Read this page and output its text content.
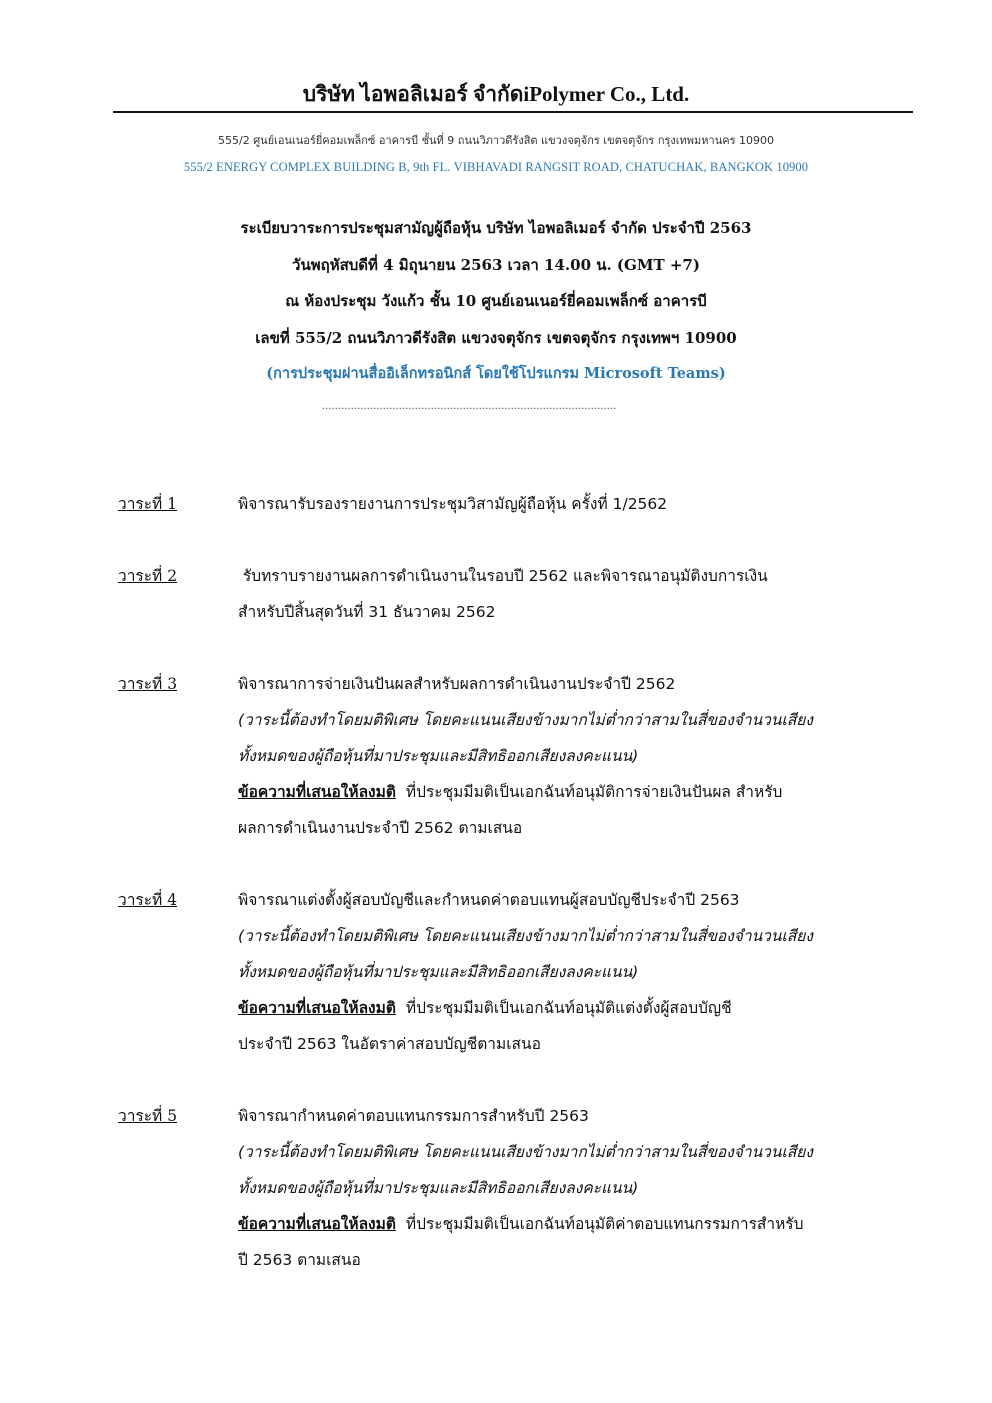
บริษัท ไอพอลิเมอร์ จำกัดiPolymer Co., Ltd.
555/2 ศูนย์เอนเนอร์ยี่คอมเพล็กซ์ อาคารบี ชั้นที่ 9 ถนนวิภาวดีรังสิต แขวงจตุจักร เขตจตุจักร กรุงเทพมหานคร 10900
555/2 ENERGY COMPLEX BUILDING B, 9th FL. VIBHAVADI RANGSIT ROAD, CHATUCHAK, BANGKOK 10900
ระเบียบวาระการประชุมสามัญผู้ถือหุ้น บริษัท ไอพอลิเมอร์ จำกัด ประจำปี 2563
วันพฤหัสบดีที่ 4 มิถุนายน 2563 เวลา 14.00 น. (GMT +7)
ณ ห้องประชุม วังแก้ว ชั้น 10 ศูนย์เอนเนอร์ยี่คอมเพล็กซ์ อาคารบี
เลขที่ 555/2 ถนนวิภาวดีรังสิต แขวงจตุจักร เขตจตุจักร กรุงเทพฯ 10900
(การประชุมผ่านสื่ออิเล็กทรอนิกส์ โดยใช้โปรแกรม Microsoft Teams)
............................................................................................
วาระที่ 1	พิจารณารับรองรายงานการประชุมวิสามัญผู้ถือหุ้น ครั้งที่ 1/2562
วาระที่ 2	รับทราบรายงานผลการดำเนินงานในรอบปี 2562 และพิจารณาอนุมัติงบการเงิน
สำหรับปีสิ้นสุดวันที่ 31 ธันวาคม 2562
วาระที่ 3	พิจารณาการจ่ายเงินปันผลสำหรับผลการดำเนินงานประจำปี 2562
(วาระนี้ต้องทำโดยมติพิเศษ โดยคะแนนเสียงข้างมากไม่ต่ำกว่าสามในสี่ของจำนวนเสียง
ทั้งหมดของผู้ถือหุ้นที่มาประชุมและมีสิทธิออกเสียงลงคะแนน)
ข้อความที่เสนอให้ลงมติ ที่ประชุมมีมติเป็นเอกฉันท์อนุมัติการจ่ายเงินปันผล สำหรับ
ผลการดำเนินงานประจำปี 2562 ตามเสนอ
วาระที่ 4	พิจารณาแต่งตั้งผู้สอบบัญชีและกำหนดค่าตอบแทนผู้สอบบัญชีประจำปี 2563
(วาระนี้ต้องทำโดยมติพิเศษ โดยคะแนนเสียงข้างมากไม่ต่ำกว่าสามในสี่ของจำนวนเสียง
ทั้งหมดของผู้ถือหุ้นที่มาประชุมและมีสิทธิออกเสียงลงคะแนน)
ข้อความที่เสนอให้ลงมติ ที่ประชุมมีมติเป็นเอกฉันท์อนุมัติแต่งตั้งผู้สอบบัญชี
ประจำปี 2563 ในอัตราค่าสอบบัญชีตามเสนอ
วาระที่ 5	พิจารณากำหนดค่าตอบแทนกรรมการสำหรับปี 2563
(วาระนี้ต้องทำโดยมติพิเศษ โดยคะแนนเสียงข้างมากไม่ต่ำกว่าสามในสี่ของจำนวนเสียง
ทั้งหมดของผู้ถือหุ้นที่มาประชุมและมีสิทธิออกเสียงลงคะแนน)
ข้อความที่เสนอให้ลงมติ ที่ประชุมมีมติเป็นเอกฉันท์อนุมัติค่าตอบแทนกรรมการสำหรับ
ปี 2563 ตามเสนอ
